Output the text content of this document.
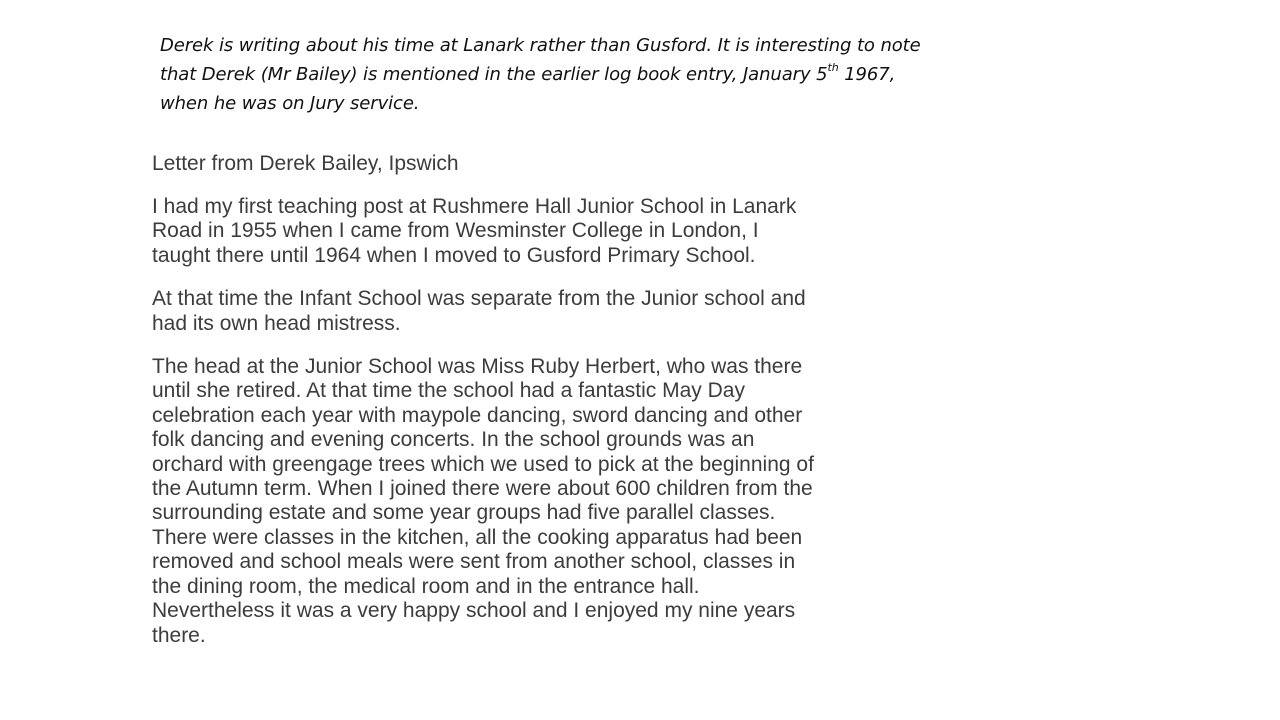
Derek is writing about his time at Lanark rather than Gusford. It is interesting to note
that Derek (Mr Bailey) is mentioned in the earlier log book entry, January 5th 1967,
when he was on Jury service.
Letter from Derek Bailey, Ipswich

I had my first teaching post at Rushmere Hall Junior School in Lanark
Road in 1955 when I came from Wesminster College in London, I
taught there until 1964 when I moved to Gusford Primary School.

At that time the Infant School was separate from the Junior school and
had its own head mistress.

The head at the Junior School was Miss Ruby Herbert, who was there
until she retired. At that time the school had a fantastic May Day
celebration each year with maypole dancing, sword dancing and other
folk dancing and evening concerts. In the school grounds was an
orchard with greengage trees which we used to pick at the beginning of
the Autumn term. When I joined there were about 600 children from the
surrounding estate and some year groups had five parallel classes.
There were classes in the kitchen, all the cooking apparatus had been
removed and school meals were sent from another school, classes in
the dining room, the medical room and in the entrance hall.
Nevertheless it was a very happy school and I enjoyed my nine years
there.
